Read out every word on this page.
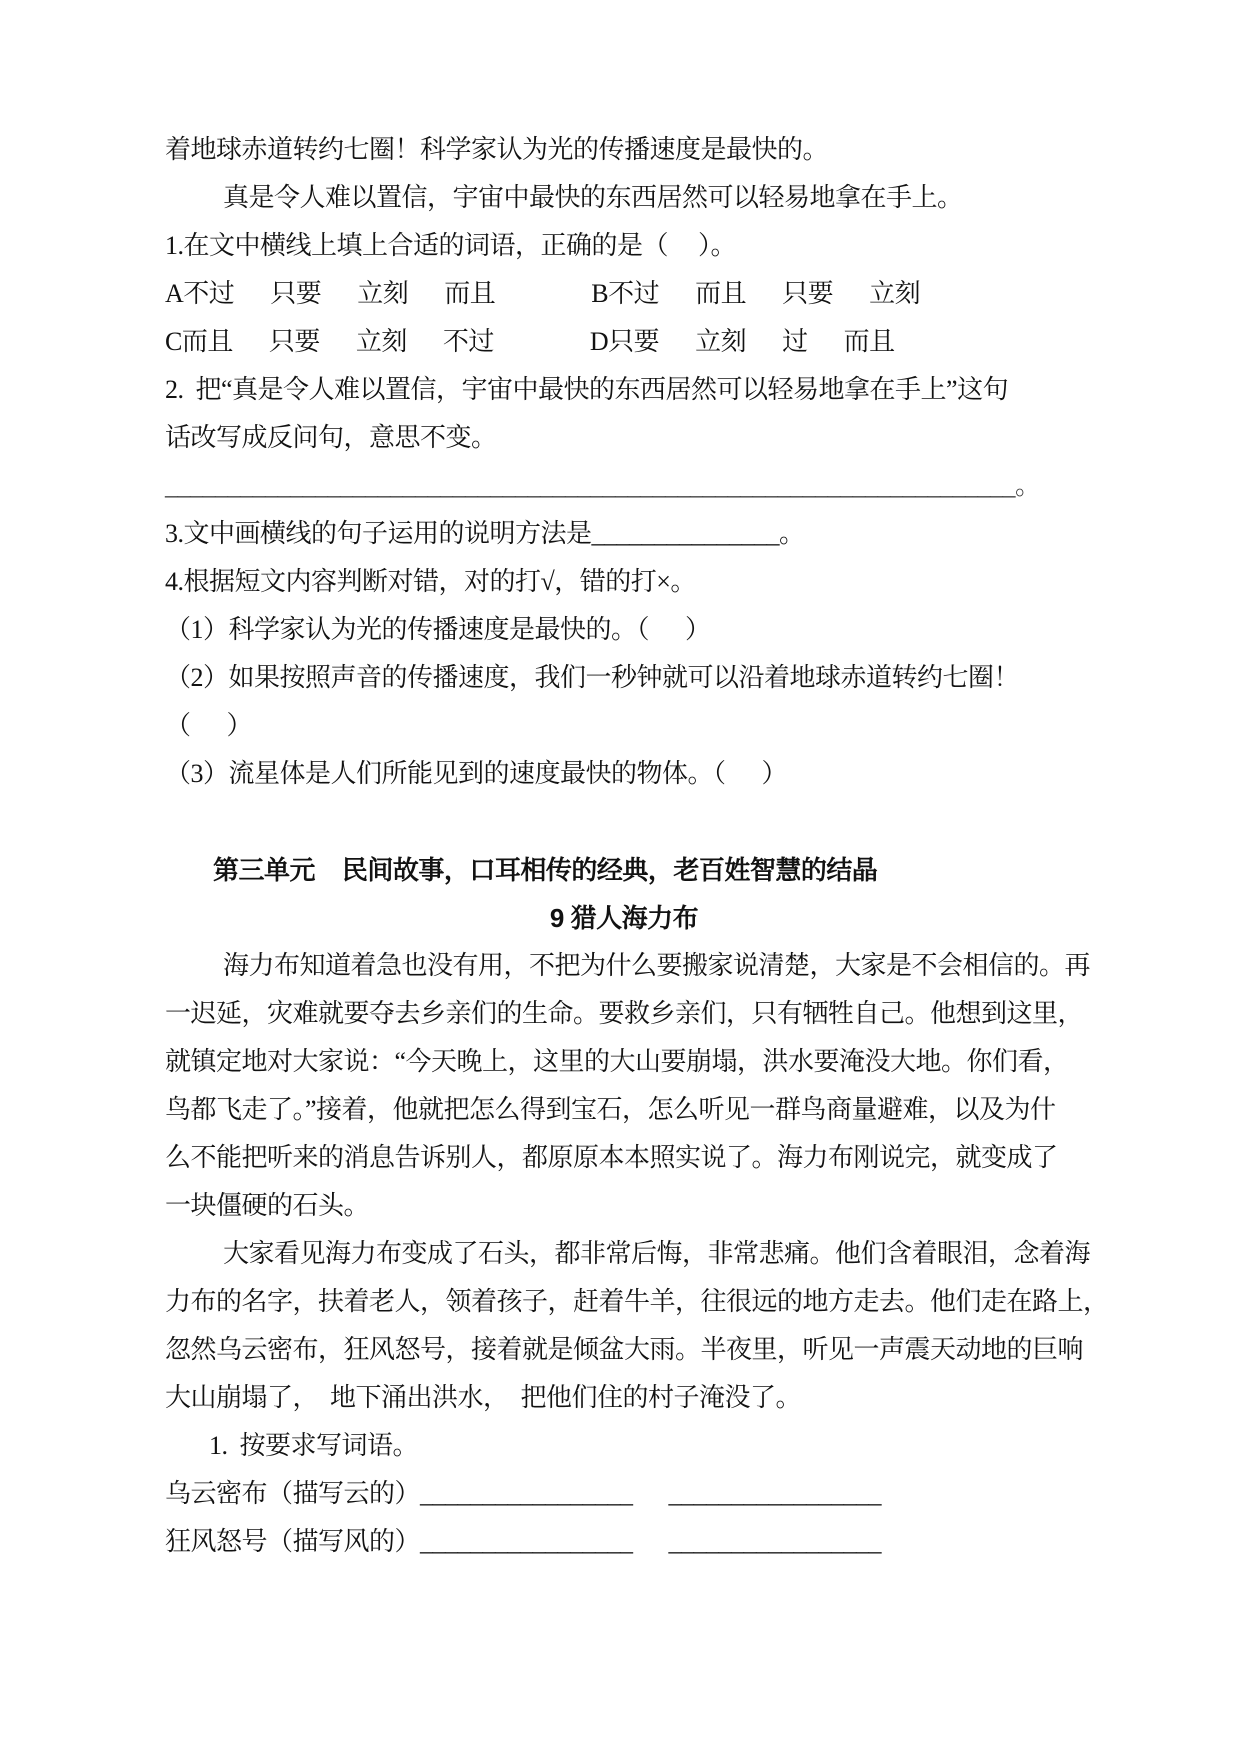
着地球赤道转约七圈！科学家认为光的传播速度是最快的。
真是令人难以置信，宇宙中最快的东西居然可以轻易地拿在手上。
1.在文中横线上填上合适的词语，正确的是（     ）。
A不过      只要      立刻      而且                B不过      而且      只要      立刻
C而且      只要      立刻      不过                D只要      立刻      过      而且
2.  把“真是令人难以置信，宇宙中最快的东西居然可以轻易地拿在手上”这句
话改写成反问句，意思不变。
____________________________________________________________________。
3.文中画横线的句子运用的说明方法是_______________。
4.根据短文内容判断对错，对的打√，错的打×。
（1）科学家认为光的传播速度是最快的。（      ）
（2）如果按照声音的传播速度，我们一秒钟就可以沿着地球赤道转约七圈！
（      ）
（3）流星体是人们所能见到的速度最快的物体。（      ）
第三单元    民间故事，口耳相传的经典，老百姓智慧的结晶
9 猎人海力布
海力布知道着急也没有用，不把为什么要搬家说清楚，大家是不会相信的。再
一迟延，灾难就要夺去乡亲们的生命。要救乡亲们，只有牺牲自己。他想到这里，
就镇定地对大家说：“今天晚上，这里的大山要崩塌，洪水要淹没大地。你们看，
鸟都飞走了。”接着，他就把怎么得到宝石，怎么听见一群鸟商量避难，以及为什
么不能把听来的消息告诉别人，都原原本本照实说了。海力布刚说完，就变成了
一块僵硬的石头。
大家看见海力布变成了石头，都非常后悔，非常悲痛。他们含着眼泪，念着海
力布的名字，扶着老人，领着孩子，赶着牛羊，往很远的地方走去。他们走在路上，
忽然乌云密布，狂风怒号，接着就是倾盆大雨。半夜里，听见一声震天动地的巨响
大山崩塌了，  地下涌出洪水，  把他们住的村子淹没了。
1.  按要求写词语。
乌云密布（描写云的）_________________      _________________
狂风怒号（描写风的）_________________      _________________
